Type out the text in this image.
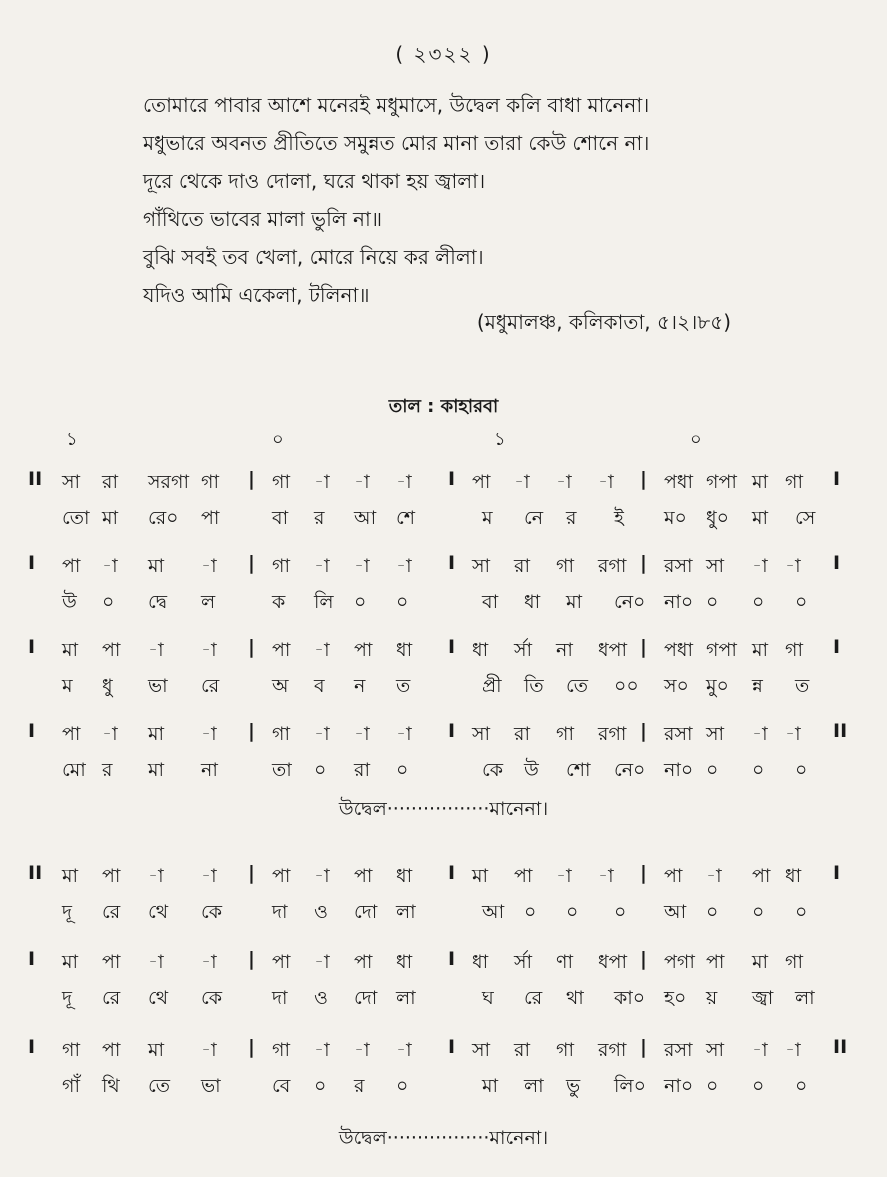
( ২৩২২ )
তোমারে পাবার আশে মনেরই মধুমাসে, উদ্বেল কলি বাধা মানেনা।
মধুভারে অবনত প্রীতিতে সমুন্নত মোর মানা তারা কেউ শোনে না।
দূরে থেকে দাও দোলা, ঘরে থাকা হয় জ্বালা।
গাঁথিতে ভাবের মালা ভুলি না॥
বুঝি সবই তব খেলা, মোরে নিয়ে কর লীলা।
যদিও আমি একেলা, টলিনা॥
(মধুমালঞ্চ, কলিকাতা, ৫।২।৮৫)
তাল : কাহারবা
১	০	১	০
II সা রা সরগা গা | গা -া -া -া I পা -া -া -া | পধা গপা মা গা I
তো মা রে০ পা	বা র আ শে	ম নে র ই ম০ ধু০ মা সে
I পা -া মা -া | গা -া -া -া I সা রা গা রগা | রসা সা -া -া I
উ ০ দ্বে ল	ক লি ০ ০	বা ধা মা নে০ না০ ০ ০ ০
I মা পা -া -া | পা -া পা ধা I ধা র্সা না ধপা | পধা গপা মা গা I
ম ধু ভা রে	অ ব ন ত	প্রী তি তে ০০ স০ মু০ ন্ন ত
I পা -া মা -া | গা -া -া -া I সা রা গা রগা | রসা সা -া -া II
মো র মা না	তা ০ রা ০	কে উ শো নে০ না০ ০ ০ ০
II মা পা -া -া | পা -া পা ধা I মা পা -া -া | পা -া পা ধা I
দূ রে থে কে	দা ও দো লা	আ ০ ০ ০ আ ০ ০ ০
I মা পা -া -া | পা -া পা ধা I ধা র্সা ণা ধপা | পগা পা মা গা
দূ রে থে কে	দা ও দো লা	ঘ রে থা কা০ হ০ য় জ্বা লা
I গা পা মা -া | গা -া -া -া I সা রা গা রগা | রসা সা -া -া II
গাঁ থি তে ভা	বে ০ র ০	মা লা ভু লি০ না০ ০ ০ ০
উদ্বেল·················মানেনা।
উদ্বেল·················মানেনা।
